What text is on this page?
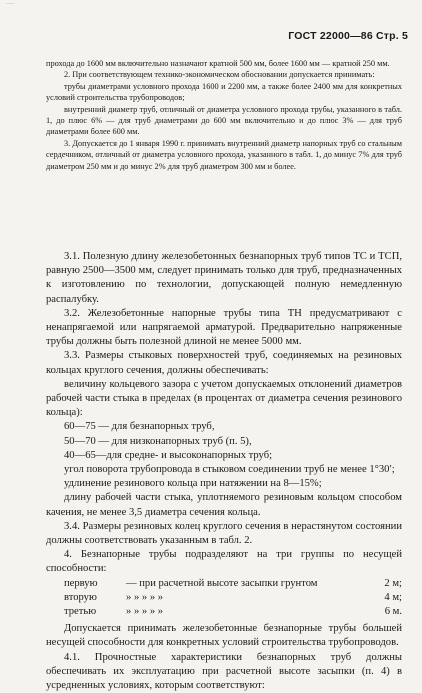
----
ГОСТ 22000—86 Стр. 5

прохода до 1600 мм включительно назначают кратной 500 мм, более 1600 мм — кратной 250 мм.

2. При соответствующем технико-экономическом обосновании допускается принимать:

трубы диаметрами условного прохода 1600 и 2200 мм, а также более 2400 мм для конкретных условий строительства трубопроводов;

внутренний диаметр труб, отличный от диаметра условного прохода трубы, указанного в табл. 1, до плюс 6% — для труб диаметрами до 600 мм включительно и до плюс 3% — для труб диаметрами более 600 мм.

3. Допускается до 1 января 1990 г. принимать внутренний диаметр напорных труб со стальным сердечником, отличный от диаметра условного прохода, указанного в табл. 1, до минус 7% для труб диаметром 250 мм и до минус 2% для труб диаметром 300 мм и более.

3.1. Полезную длину железобетонных безнапорных труб типов ТС и ТСП, равную 2500—3500 мм, следует принимать только для труб, предназначенных к изготовлению по технологии, допускающей полную немедленную распалубку.

3.2. Железобетонные напорные трубы типа ТН предусматривают с ненапрягаемой или напрягаемой арматурой. Предварительно напряженные трубы должны быть полезной длиной не менее 5000 мм.

3.3. Размеры стыковых поверхностей труб, соединяемых на резиновых кольцах круглого сечения, должны обеспечивать:

величину кольцевого зазора с учетом допускаемых отклонений диаметров рабочей части стыка в пределах (в процентах от диаметра сечения резинового кольца):

60—75 — для безнапорных труб,

50—70 — для низконапорных труб (п. 5),

40—65—для средне- и высоконапорных труб;

угол поворота трубопровода в стыковом соединении труб не менее 1°30′;

удлинение резинового кольца при натяжении на 8—15%;

длину рабочей части стыка, уплотняемого резиновым кольцом способом качения, не менее 3,5 диаметра сечения кольца.

3.4. Размеры резиновых колец круглого сечения в нерастянутом состоянии должны соответствовать указанным в табл. 2.

4. Безнапорные трубы подразделяют на три группы по несущей способности:

первую	— при расчетной высоте засыпки грунтом	2 м;
вторую	» » » » »	4 м;
третью	» » » » »	6 м.

Допускается принимать железобетонные безнапорные трубы большей несущей способности для конкретных условий строительства трубопроводов.

4.1. Прочностные характеристики безнапорных труб должны обеспечивать их эксплуатацию при расчетной высоте засыпки (п. 4) в усредненных условиях, которым соответствуют:
